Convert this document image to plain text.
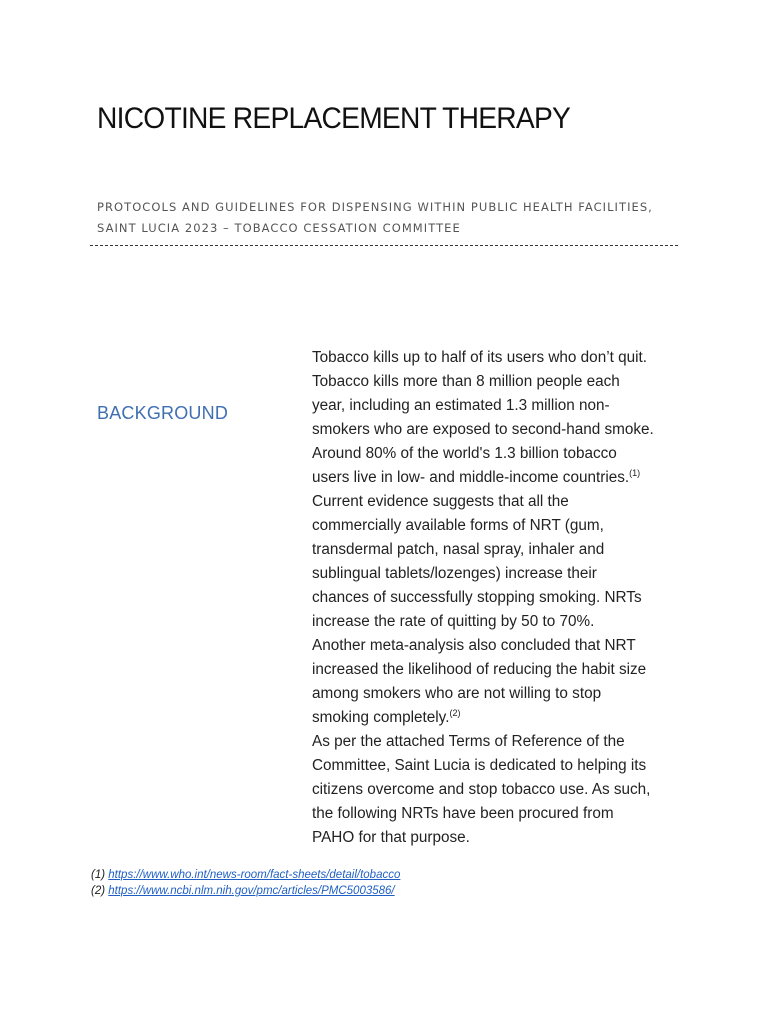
NICOTINE REPLACEMENT THERAPY
PROTOCOLS AND GUIDELINES FOR DISPENSING WITHIN PUBLIC HEALTH FACILITIES,
SAINT LUCIA 2023 – TOBACCO CESSATION COMMITTEE
BACKGROUND
Tobacco kills up to half of its users who don’t quit.
Tobacco kills more than 8 million people each
year, including an estimated 1.3 million non-
smokers who are exposed to second-hand smoke.
Around 80% of the world's 1.3 billion tobacco
users live in low- and middle-income countries.$^{(1)}$
Current evidence suggests that all the
commercially available forms of NRT (gum,
transdermal patch, nasal spray, inhaler and
sublingual tablets/lozenges) increase their
chances of successfully stopping smoking. NRTs
increase the rate of quitting by 50 to 70%.
Another meta-analysis also concluded that NRT
increased the likelihood of reducing the habit size
among smokers who are not willing to stop
smoking completely.$^{(2)}$
As per the attached Terms of Reference of the
Committee, Saint Lucia is dedicated to helping its
citizens overcome and stop tobacco use. As such,
the following NRTs have been procured from
PAHO for that purpose.
(1) https://www.who.int/news-room/fact-sheets/detail/tobacco
(2) https://www.ncbi.nlm.nih.gov/pmc/articles/PMC5003586/
